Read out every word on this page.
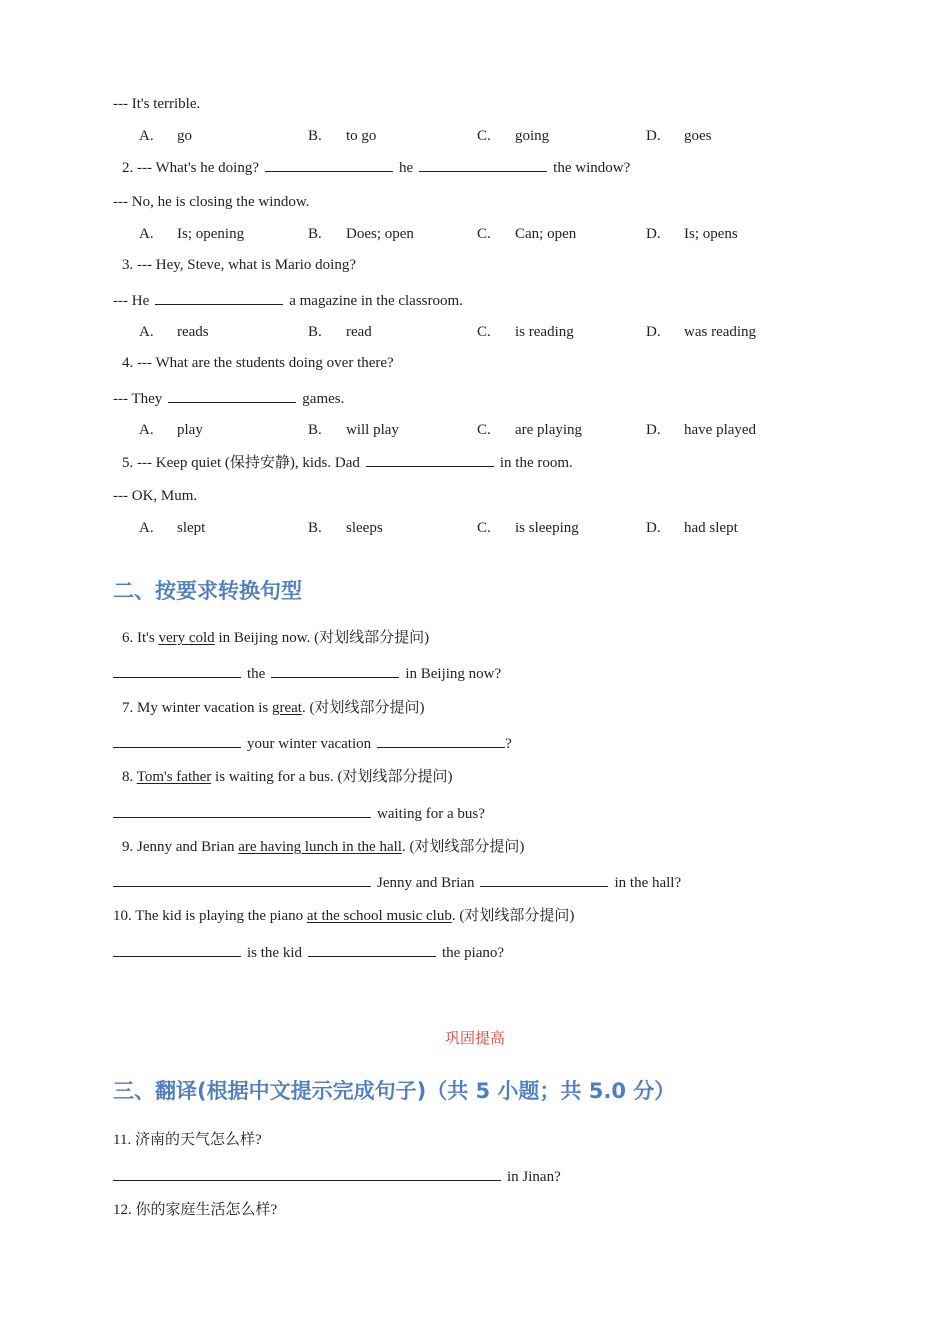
--- It's terrible.
A. go	B. to go	C. going	D. goes
2. --- What's he doing?	he	the window?
--- No, he is closing the window.
A. Is; opening	B. Does; open	C. Can; open	D. Is; opens
3. --- Hey, Steve, what is Mario doing?
--- He	a magazine in the classroom.
A. reads	B. read	C. is reading	D. was reading
4. --- What are the students doing over there?
--- They	games.
A. play	B. will play	C. are playing	D. have played
5. --- Keep quiet (保持安静), kids. Dad	in the room.
--- OK, Mum.
A. slept	B. sleeps	C. is sleeping	D. had slept
二、按要求转换句型
6. It's very cold in Beijing now. (对划线部分提问)
the	in Beijing now?
7. My winter vacation is great. (对划线部分提问)
your winter vacation	?
8. Tom's father is waiting for a bus. (对划线部分提问)
waiting for a bus?
9. Jenny and Brian are having lunch in the hall. (对划线部分提问)
Jenny and Brian	in the hall?
10. The kid is playing the piano at the school music club. (对划线部分提问)
is the kid	the piano?
巩固提高
三、翻译(根据中文提示完成句子)（共 5 小题；共 5.0 分）
11. 济南的天气怎么样?
in Jinan?
12. 你的家庭生活怎么样?
